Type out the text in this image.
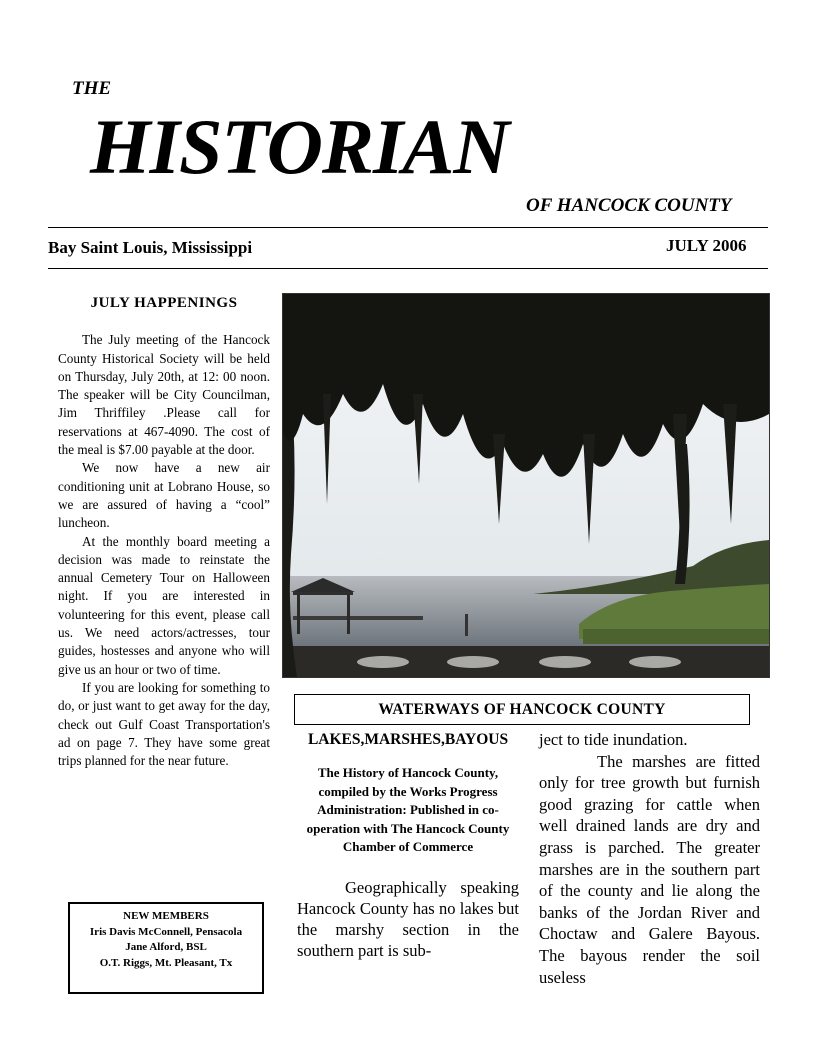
THE
HISTORIAN
OF HANCOCK COUNTY
Bay Saint Louis, Mississippi	JULY 2006
JULY HAPPENINGS

The July meeting of the Hancock County Historical Society will be held on Thursday, July 20th, at 12: 00 noon. The speaker will be City Councilman, Jim Thriffiley .Please call for reservations at 467-4090. The cost of the meal is $7.00 payable at the door.

We now have a new air conditioning unit at Lobrano House, so we are assured of having a “cool” luncheon.

At the monthly board meeting a decision was made to reinstate the annual Cemetery Tour on Halloween night. If you are interested in volunteering for this event, please call us. We need actors/actresses, tour guides, hostesses and anyone who will give us an hour or two of time.

If you are looking for something to do, or just want to get away for the day, check out Gulf Coast Transportation's ad on page 7. They have some great trips planned for the near future.

NEW MEMBERS
Iris Davis McConnell, Pensacola
Jane Alford, BSL
O.T. Riggs, Mt. Pleasant, Tx
WATERWAYS OF HANCOCK COUNTY
LAKES,MARSHES,BAYOUS

The History of Hancock County, compiled by the Works Progress Administration: Published in co-operation with The Hancock County Chamber of Commerce

Geographically speaking Hancock County has no lakes but the marshy section in the southern part is sub-

ject to tide inundation.

The marshes are fitted only for tree growth but furnish good grazing for cattle when well drained lands are dry and grass is parched. The greater marshes are in the southern part of the county and lie along the banks of the Jordan River and Choctaw and Galere Bayous. The bayous render the soil useless
